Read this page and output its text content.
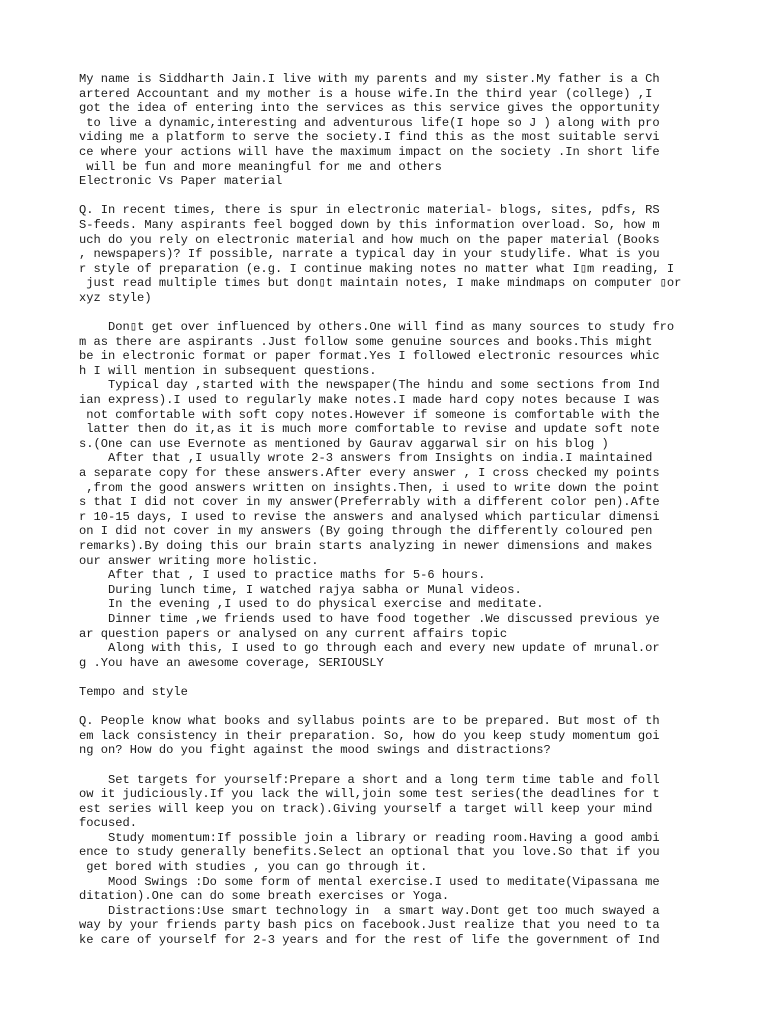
My name is Siddharth Jain.I live with my parents and my sister.My father is a Ch
artered Accountant and my mother is a house wife.In the third year (college) ,I
got the idea of entering into the services as this service gives the opportunity
to live a dynamic,interesting and adventurous life(I hope so J ) along with pro
viding me a platform to serve the society.I find this as the most suitable servi
ce where your actions will have the maximum impact on the society .In short life
will be fun and more meaningful for me and others
Electronic Vs Paper material
Q. In recent times, there is spur in electronic material- blogs, sites, pdfs, RS
S-feeds. Many aspirants feel bogged down by this information overload. So, how m
uch do you rely on electronic material and how much on the paper material (Books
, newspapers)? If possible, narrate a typical day in your studylife. What is you
r style of preparation (e.g. I continue making notes no matter what I▯m reading, I
just read multiple times but don▯t maintain notes, I make mindmaps on computer ▯or
xyz style)
Don▯t get over influenced by others.One will find as many sources to study fro
m as there are aspirants .Just follow some genuine sources and books.This might
be in electronic format or paper format.Yes I followed electronic resources whic
h I will mention in subsequent questions.
Typical day ,started with the newspaper(The hindu and some sections from Ind
ian express).I used to regularly make notes.I made hard copy notes because I was
not comfortable with soft copy notes.However if someone is comfortable with the
latter then do it,as it is much more comfortable to revise and update soft note
s.(One can use Evernote as mentioned by Gaurav aggarwal sir on his blog )
After that ,I usually wrote 2-3 answers from Insights on india.I maintained
a separate copy for these answers.After every answer , I cross checked my points
,from the good answers written on insights.Then, i used to write down the point
s that I did not cover in my answer(Preferrably with a different color pen).Afte
r 10-15 days, I used to revise the answers and analysed which particular dimensi
on I did not cover in my answers (By going through the differently coloured pen
remarks).By doing this our brain starts analyzing in newer dimensions and makes
our answer writing more holistic.
After that , I used to practice maths for 5-6 hours.
During lunch time, I watched rajya sabha or Munal videos.
In the evening ,I used to do physical exercise and meditate.
Dinner time ,we friends used to have food together .We discussed previous ye
ar question papers or analysed on any current affairs topic
Along with this, I used to go through each and every new update of mrunal.or
g .You have an awesome coverage, SERIOUSLY
Tempo and style
Q. People know what books and syllabus points are to be prepared. But most of th
em lack consistency in their preparation. So, how do you keep study momentum goi
ng on? How do you fight against the mood swings and distractions?
Set targets for yourself:Prepare a short and a long term time table and foll
ow it judiciously.If you lack the will,join some test series(the deadlines for t
est series will keep you on track).Giving yourself a target will keep your mind
focused.
Study momentum:If possible join a library or reading room.Having a good ambi
ence to study generally benefits.Select an optional that you love.So that if you
get bored with studies , you can go through it.
Mood Swings :Do some form of mental exercise.I used to meditate(Vipassana me
ditation).One can do some breath exercises or Yoga.
Distractions:Use smart technology in  a smart way.Dont get too much swayed a
way by your friends party bash pics on facebook.Just realize that you need to ta
ke care of yourself for 2-3 years and for the rest of life the government of Ind
